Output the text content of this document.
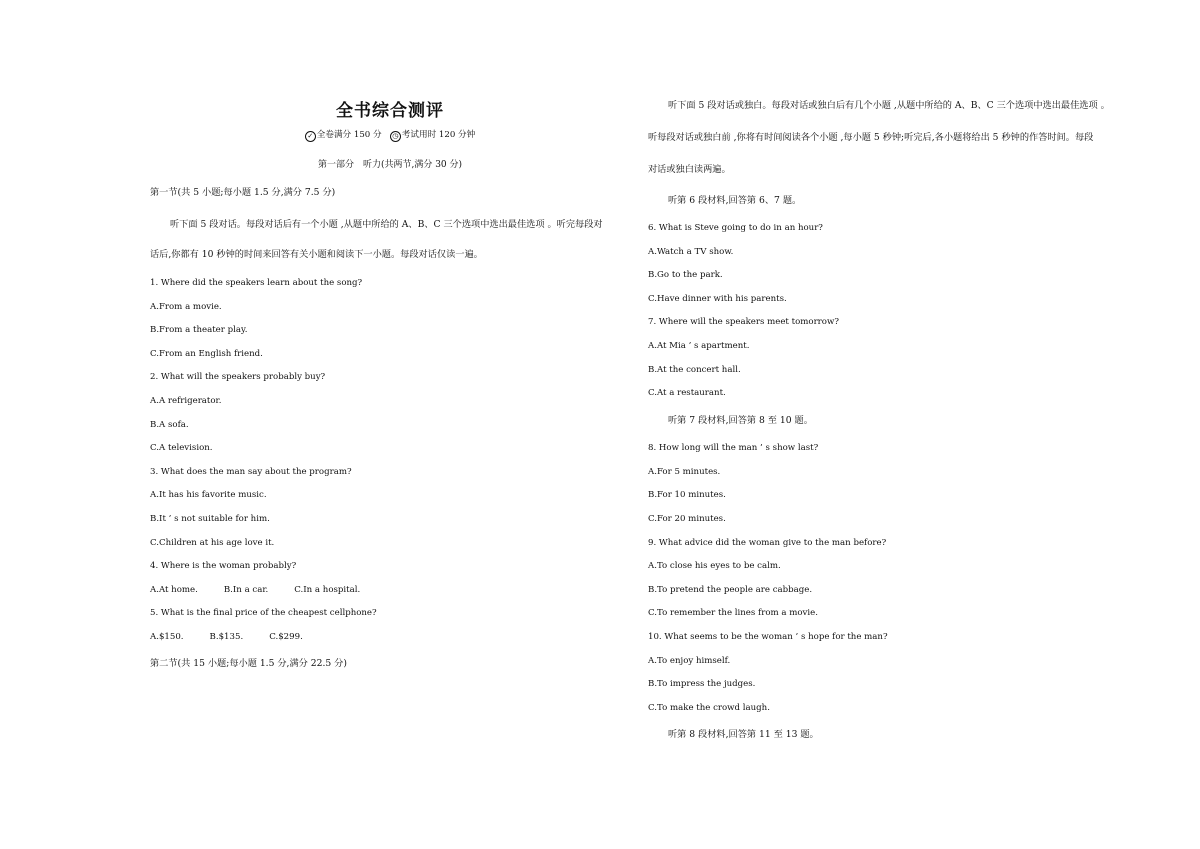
全书综合测评
✓ 全卷满分 150 分 ◷ 考试用时 120 分钟
第一部分　听力(共两节,满分 30 分)
第一节(共 5 小题;每小题 1.5 分,满分 7.5 分)
听下面 5 段对话。每段对话后有一个小题 ,从题中所给的 A、B、C 三个选项中选出最佳选项 。听完每段对
话后,你都有 10 秒钟的时间来回答有关小题和阅读下一小题。每段对话仅读一遍。
1. Where did the speakers learn about the song?
A.From a movie.
B.From a theater play.
C.From an English friend.
2. What will the speakers probably buy?
A.A refrigerator.
B.A sofa.
C.A television.
3. What does the man say about the program?
A.It has his favorite music.
B.It ’ s not suitable for him.
C.Children at his age love it.
4. Where is the woman probably?
A.At home.	B.In a car.	C.In a hospital.
5. What is the final price of the cheapest cellphone?
A.$150.	B.$135.	C.$299.
第二节(共 15 小题;每小题 1.5 分,满分 22.5 分)
听下面 5 段对话或独白。每段对话或独白后有几个小题 ,从题中所给的 A、B、C 三个选项中选出最佳选项 。
听每段对话或独白前 ,你将有时间阅读各个小题 ,每小题 5 秒钟;听完后,各小题将给出 5 秒钟的作答时间。每段
对话或独白读两遍。
听第 6 段材料,回答第 6、7 题。
6. What is Steve going to do in an hour?
A.Watch a TV show.
B.Go to the park.
C.Have dinner with his parents.
7. Where will the speakers meet tomorrow?
A.At Mia ’ s apartment.
B.At the concert hall.
C.At a restaurant.
听第 7 段材料,回答第 8 至 10 题。
8. How long will the man ’ s show last?
A.For 5 minutes.
B.For 10 minutes.
C.For 20 minutes.
9. What advice did the woman give to the man before?
A.To close his eyes to be calm.
B.To pretend the people are cabbage.
C.To remember the lines from a movie.
10. What seems to be the woman ’ s hope for the man?
A.To enjoy himself.
B.To impress the judges.
C.To make the crowd laugh.
听第 8 段材料,回答第 11 至 13 题。
